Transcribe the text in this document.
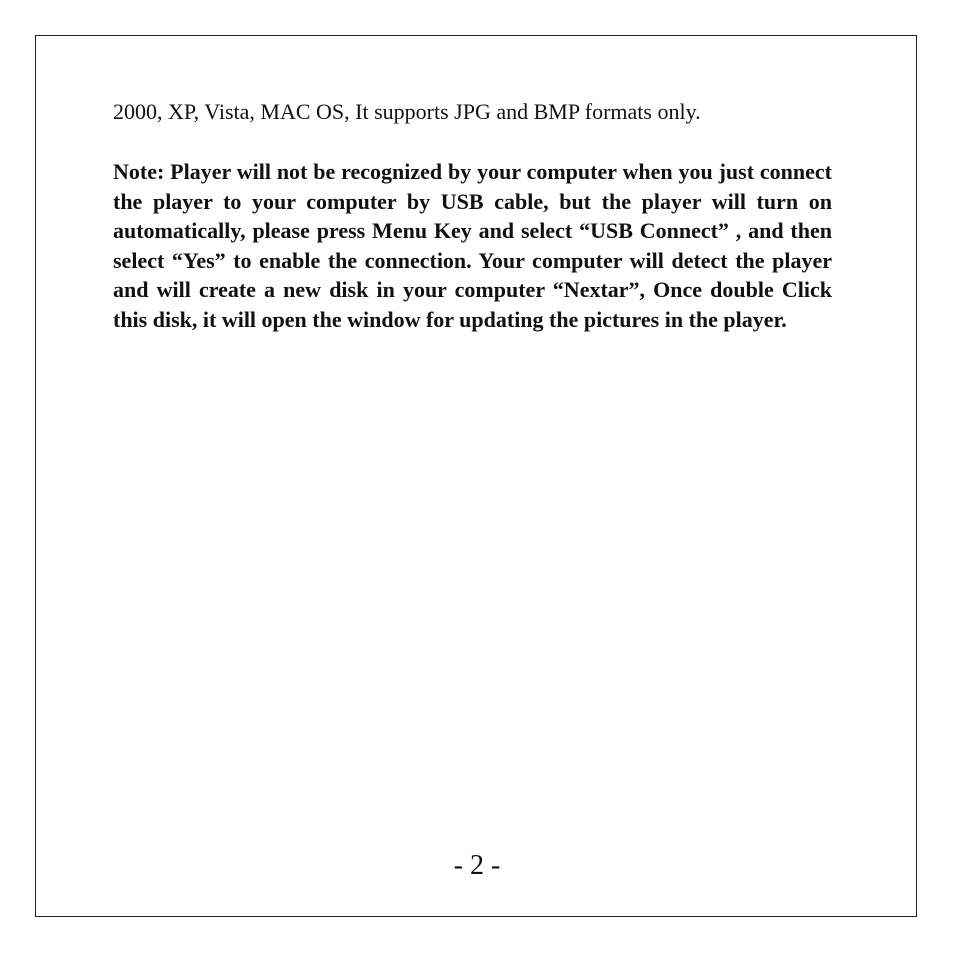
2000, XP, Vista, MAC OS, It supports JPG and BMP formats only.

Note: Player will not be recognized by your computer when you just connect the player to your computer by USB cable, but the player will turn on automatically, please press Menu Key and select “USB Connect” , and then select “Yes” to enable the connection. Your computer will detect the player and will create a new disk in your computer “Nextar”, Once double Click this disk, it will open the window for updating the pictures in the player.

- 2 -
